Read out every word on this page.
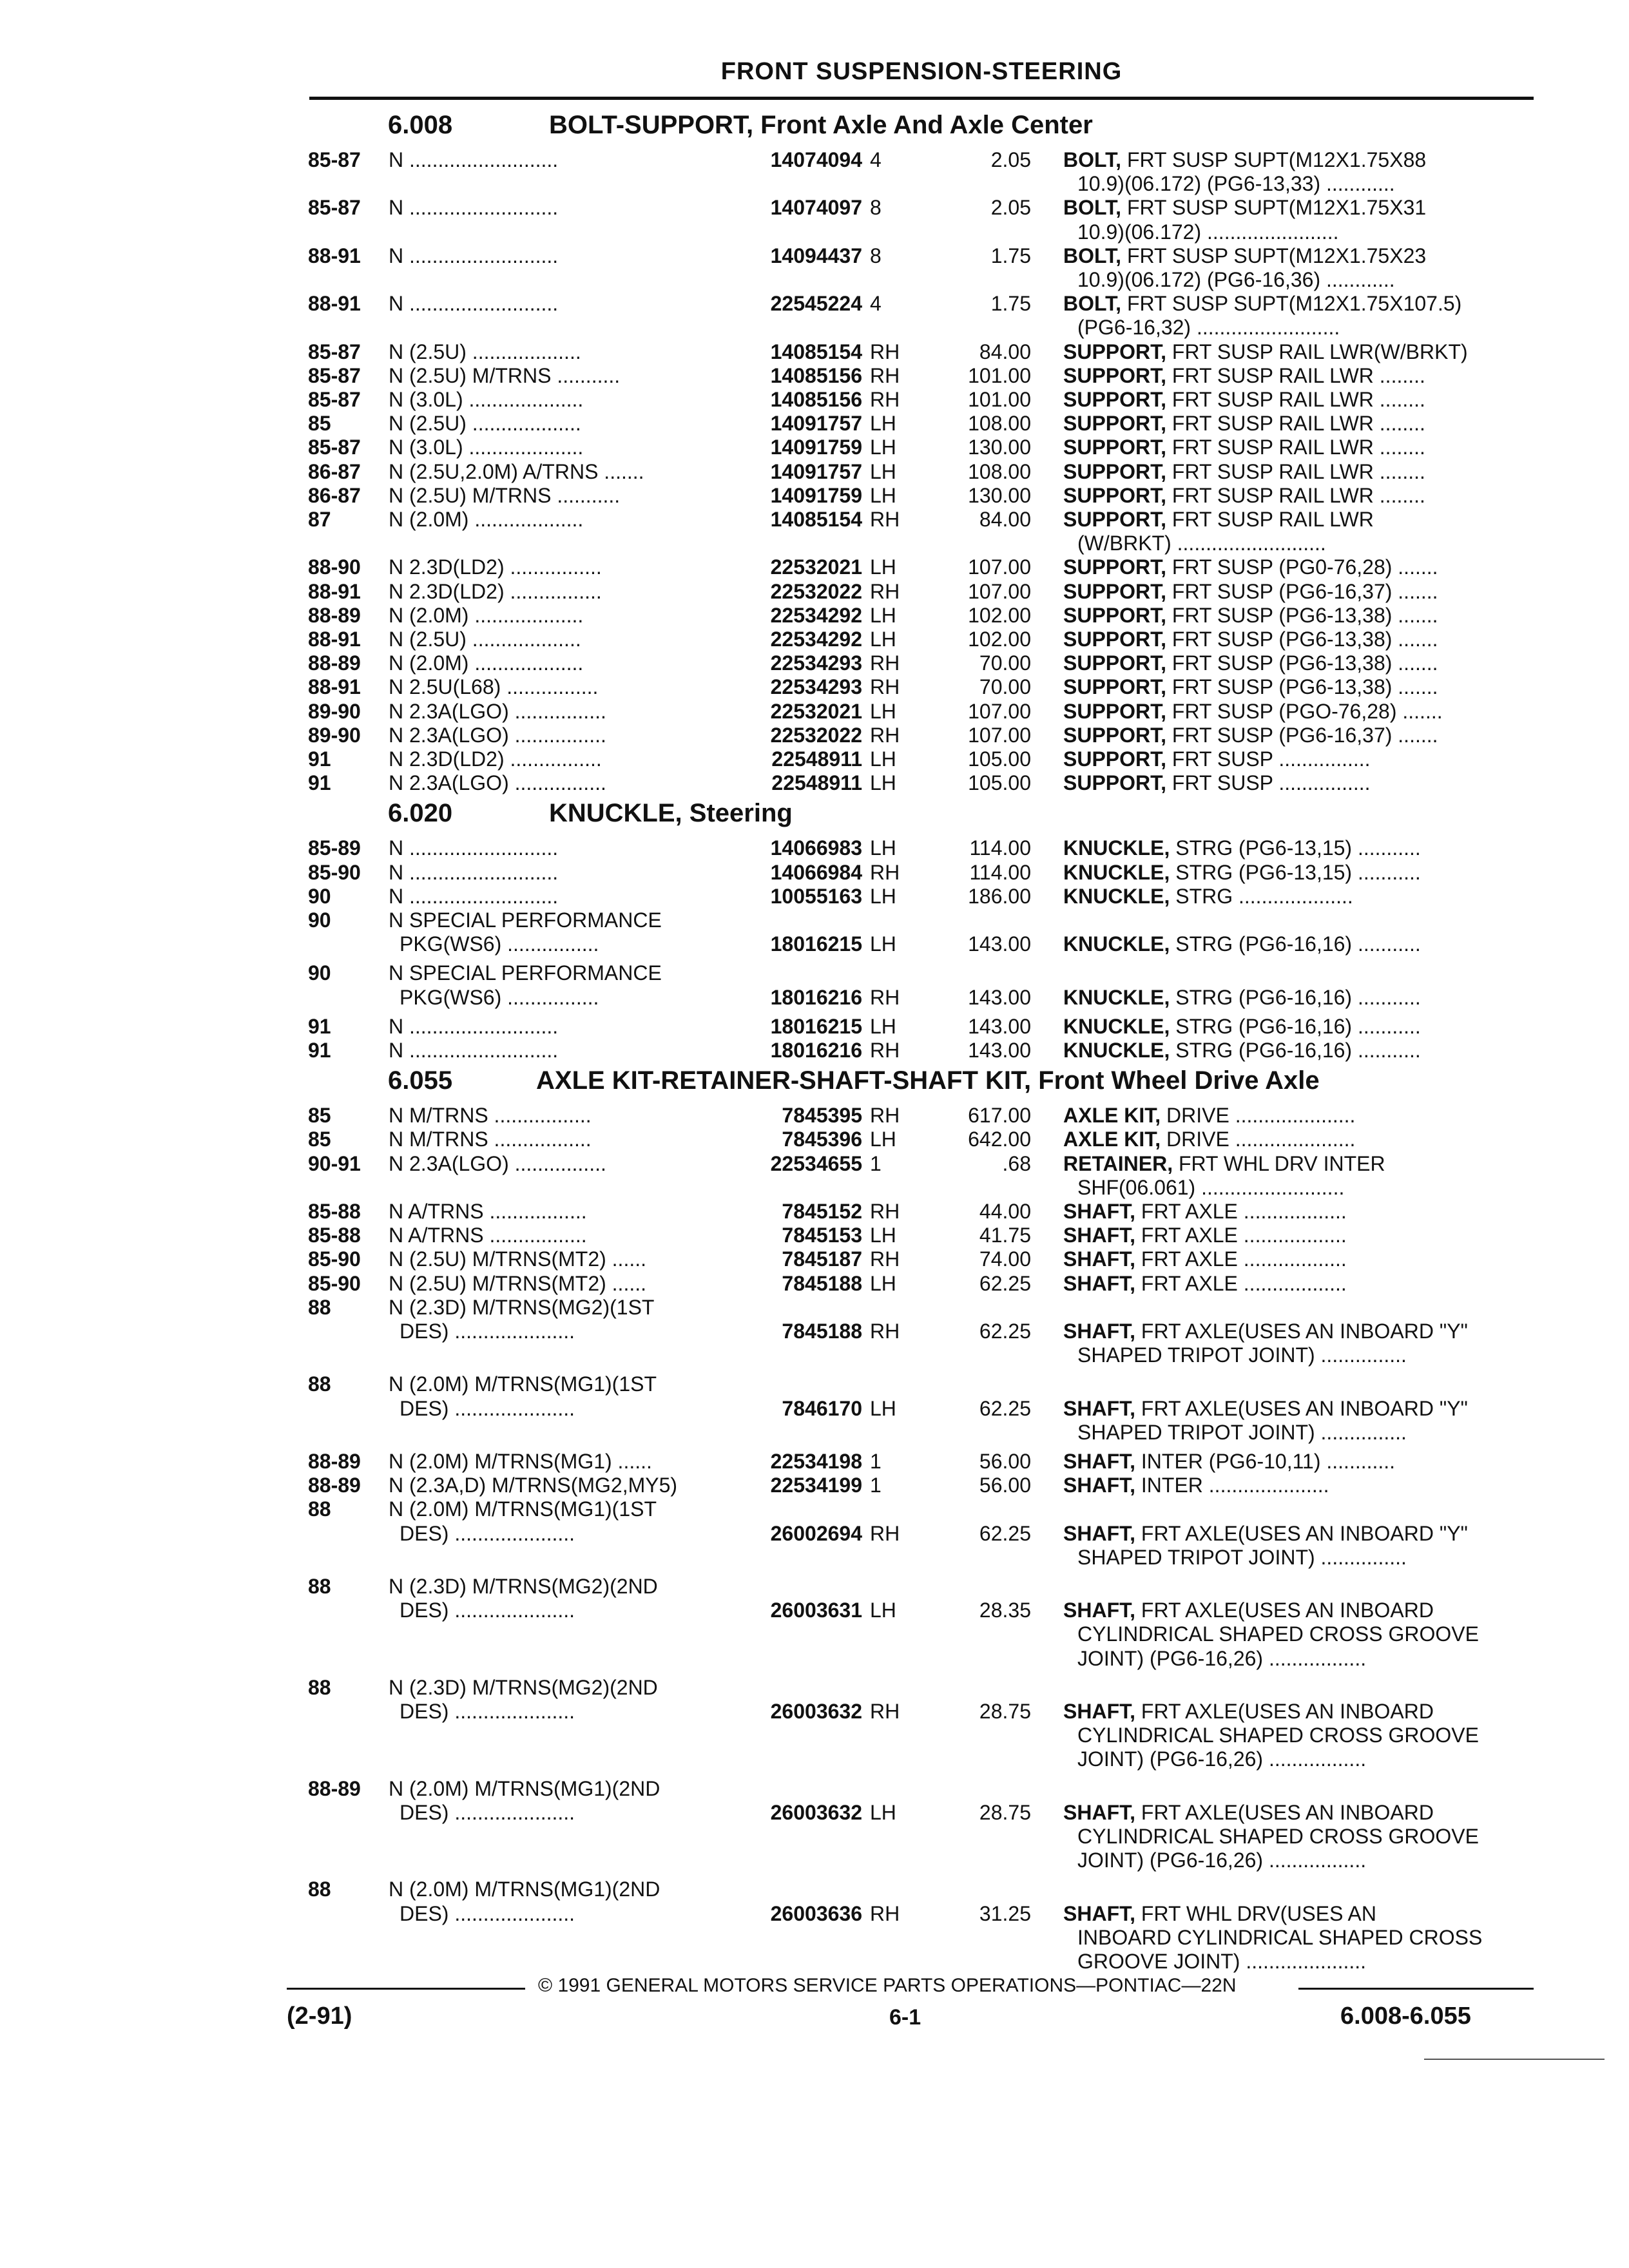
FRONT SUSPENSION-STEERING
6.008	BOLT-SUPPORT, Front Axle And Axle Center
85-87 N ..........................	14074094 4	2.05 BOLT, FRT SUSP SUPT(M12X1.75X88
10.9)(06.172) (PG6-13,33) ............
85-87 N ..........................	14074097 8	2.05 BOLT, FRT SUSP SUPT(M12X1.75X31
10.9)(06.172) .......................
88-91 N ..........................	14094437 8	1.75 BOLT, FRT SUSP SUPT(M12X1.75X23
10.9)(06.172) (PG6-16,36) ............
88-91 N ..........................	22545224 4	1.75 BOLT, FRT SUSP SUPT(M12X1.75X107.5)
(PG6-16,32) .........................
85-87 N (2.5U) ...................	14085154 RH	84.00 SUPPORT, FRT SUSP RAIL LWR(W/BRKT)
85-87 N (2.5U) M/TRNS ...........	14085156 RH	101.00 SUPPORT, FRT SUSP RAIL LWR ........
85-87 N (3.0L) ....................	14085156 RH	101.00 SUPPORT, FRT SUSP RAIL LWR ........
85	N (2.5U) ...................	14091757 LH	108.00 SUPPORT, FRT SUSP RAIL LWR ........
85-87 N (3.0L) ....................	14091759 LH	130.00 SUPPORT, FRT SUSP RAIL LWR ........
86-87 N (2.5U,2.0M) A/TRNS .......	14091757 LH	108.00 SUPPORT, FRT SUSP RAIL LWR ........
86-87 N (2.5U) M/TRNS ...........	14091759 LH	130.00 SUPPORT, FRT SUSP RAIL LWR ........
87	N (2.0M) ...................	14085154 RH	84.00 SUPPORT, FRT SUSP RAIL LWR
(W/BRKT) ..........................
88-90 N 2.3D(LD2) ................	22532021 LH	107.00 SUPPORT, FRT SUSP (PG0-76,28) .......
88-91 N 2.3D(LD2) ................	22532022 RH	107.00 SUPPORT, FRT SUSP (PG6-16,37) .......
88-89 N (2.0M) ...................	22534292 LH	102.00 SUPPORT, FRT SUSP (PG6-13,38) .......
88-91 N (2.5U) ...................	22534292 LH	102.00 SUPPORT, FRT SUSP (PG6-13,38) .......
88-89 N (2.0M) ...................	22534293 RH	70.00 SUPPORT, FRT SUSP (PG6-13,38) .......
88-91 N 2.5U(L68) ................	22534293 RH	70.00 SUPPORT, FRT SUSP (PG6-13,38) .......
89-90 N 2.3A(LGO) ................	22532021 LH	107.00 SUPPORT, FRT SUSP (PGO-76,28) .......
89-90 N 2.3A(LGO) ................	22532022 RH	107.00 SUPPORT, FRT SUSP (PG6-16,37) .......
91	N 2.3D(LD2) ................	22548911 LH	105.00 SUPPORT, FRT SUSP ................
91	N 2.3A(LGO) ................	22548911 LH	105.00 SUPPORT, FRT SUSP ................
6.020	KNUCKLE, Steering
85-89 N ..........................	14066983 LH	114.00 KNUCKLE, STRG (PG6-13,15) ...........
85-90 N ..........................	14066984 RH	114.00 KNUCKLE, STRG (PG6-13,15) ...........
90	N ..........................	10055163 LH	186.00 KNUCKLE, STRG ....................
90	N SPECIAL PERFORMANCE
PKG(WS6) ................	18016215 LH	143.00 KNUCKLE, STRG (PG6-16,16) ...........
90	N SPECIAL PERFORMANCE
PKG(WS6) ................	18016216 RH	143.00 KNUCKLE, STRG (PG6-16,16) ...........
91	N ..........................	18016215 LH	143.00 KNUCKLE, STRG (PG6-16,16) ...........
91	N ..........................	18016216 RH	143.00 KNUCKLE, STRG (PG6-16,16) ...........
6.055	AXLE KIT-RETAINER-SHAFT-SHAFT KIT, Front Wheel Drive Axle
85	N M/TRNS .................	7845395 RH	617.00 AXLE KIT, DRIVE .....................
85	N M/TRNS .................	7845396 LH	642.00 AXLE KIT, DRIVE .....................
90-91 N 2.3A(LGO) ................	22534655 1	.68 RETAINER, FRT WHL DRV INTER
SHF(06.061) .........................
85-88 N A/TRNS .................	7845152 RH	44.00 SHAFT, FRT AXLE ..................
85-88 N A/TRNS .................	7845153 LH	41.75 SHAFT, FRT AXLE ..................
85-90 N (2.5U) M/TRNS(MT2) ......	7845187 RH	74.00 SHAFT, FRT AXLE ..................
85-90 N (2.5U) M/TRNS(MT2) ......	7845188 LH	62.25 SHAFT, FRT AXLE ..................
88	N (2.3D) M/TRNS(MG2)(1ST
DES) .....................	7845188 RH	62.25 SHAFT, FRT AXLE(USES AN INBOARD "Y"
SHAPED TRIPOT JOINT) ...............
88	N (2.0M) M/TRNS(MG1)(1ST
DES) .....................	7846170 LH	62.25 SHAFT, FRT AXLE(USES AN INBOARD "Y"
SHAPED TRIPOT JOINT) ...............
88-89 N (2.0M) M/TRNS(MG1) ......	22534198 1	56.00 SHAFT, INTER (PG6-10,11) ............
88-89 N (2.3A,D) M/TRNS(MG2,MY5)	22534199 1	56.00 SHAFT, INTER .....................
88	N (2.0M) M/TRNS(MG1)(1ST
DES) .....................	26002694 RH	62.25 SHAFT, FRT AXLE(USES AN INBOARD "Y"
SHAPED TRIPOT JOINT) ...............
88	N (2.3D) M/TRNS(MG2)(2ND
DES) .....................	26003631 LH	28.35 SHAFT, FRT AXLE(USES AN INBOARD
CYLINDRICAL SHAPED CROSS GROOVE
JOINT) (PG6-16,26) .................
88	N (2.3D) M/TRNS(MG2)(2ND
DES) .....................	26003632 RH	28.75 SHAFT, FRT AXLE(USES AN INBOARD
CYLINDRICAL SHAPED CROSS GROOVE
JOINT) (PG6-16,26) .................
88-89 N (2.0M) M/TRNS(MG1)(2ND
DES) .....................	26003632 LH	28.75 SHAFT, FRT AXLE(USES AN INBOARD
CYLINDRICAL SHAPED CROSS GROOVE
JOINT) (PG6-16,26) .................
88	N (2.0M) M/TRNS(MG1)(2ND
DES) .....................	26003636 RH	31.25 SHAFT, FRT WHL DRV(USES AN
INBOARD CYLINDRICAL SHAPED CROSS
GROOVE JOINT) .....................
© 1991 GENERAL MOTORS SERVICE PARTS OPERATIONS—PONTIAC—22N
(2-91)	6-1	6.008-6.055
